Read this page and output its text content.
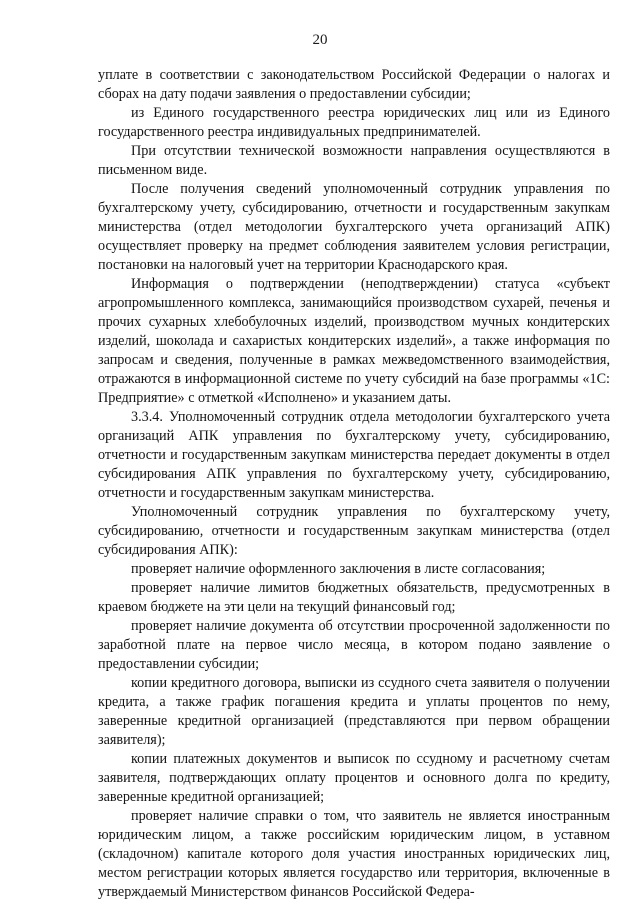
20

уплате в соответствии с законодательством Российской Федерации о налогах и сборах на дату подачи заявления о предоставлении субсидии;

из Единого государственного реестра юридических лиц или из Единого государственного реестра индивидуальных предпринимателей.

При отсутствии технической возможности направления осуществляются в письменном виде.

После получения сведений уполномоченный сотрудник управления по бухгалтерскому учету, субсидированию, отчетности и государственным закупкам министерства (отдел методологии бухгалтерского учета организаций АПК) осуществляет проверку на предмет соблюдения заявителем условия регистрации, постановки на налоговый учет на территории Краснодарского края.

Информация о подтверждении (неподтверждении) статуса «субъект агропромышленного комплекса, занимающийся производством сухарей, печенья и прочих сухарных хлебобулочных изделий, производством мучных кондитерских изделий, шоколада и сахаристых кондитерских изделий», а также информация по запросам и сведения, полученные в рамках межведомственного взаимодействия, отражаются в информационной системе по учету субсидий на базе программы «1С: Предприятие» с отметкой «Исполнено» и указанием даты.

3.3.4. Уполномоченный сотрудник отдела методологии бухгалтерского учета организаций АПК управления по бухгалтерскому учету, субсидированию, отчетности и государственным закупкам министерства передает документы в отдел субсидирования АПК управления по бухгалтерскому учету, субсидированию, отчетности и государственным закупкам министерства.

Уполномоченный сотрудник управления по бухгалтерскому учету, субсидированию, отчетности и государственным закупкам министерства (отдел субсидирования АПК):

проверяет наличие оформленного заключения в листе согласования;

проверяет наличие лимитов бюджетных обязательств, предусмотренных в краевом бюджете на эти цели на текущий финансовый год;

проверяет наличие документа об отсутствии просроченной задолженности по заработной плате на первое число месяца, в котором подано заявление о предоставлении субсидии;

копии кредитного договора, выписки из ссудного счета заявителя о получении кредита, а также график погашения кредита и уплаты процентов по нему, заверенные кредитной организацией (представляются при первом обращении заявителя);

копии платежных документов и выписок по ссудному и расчетному счетам заявителя, подтверждающих оплату процентов и основного долга по кредиту, заверенные кредитной организацией;

проверяет наличие справки о том, что заявитель не является иностранным юридическим лицом, а также российским юридическим лицом, в уставном (складочном) капитале которого доля участия иностранных юридических лиц, местом регистрации которых является государство или территория, включенные в утверждаемый Министерством финансов Российской Федера-
